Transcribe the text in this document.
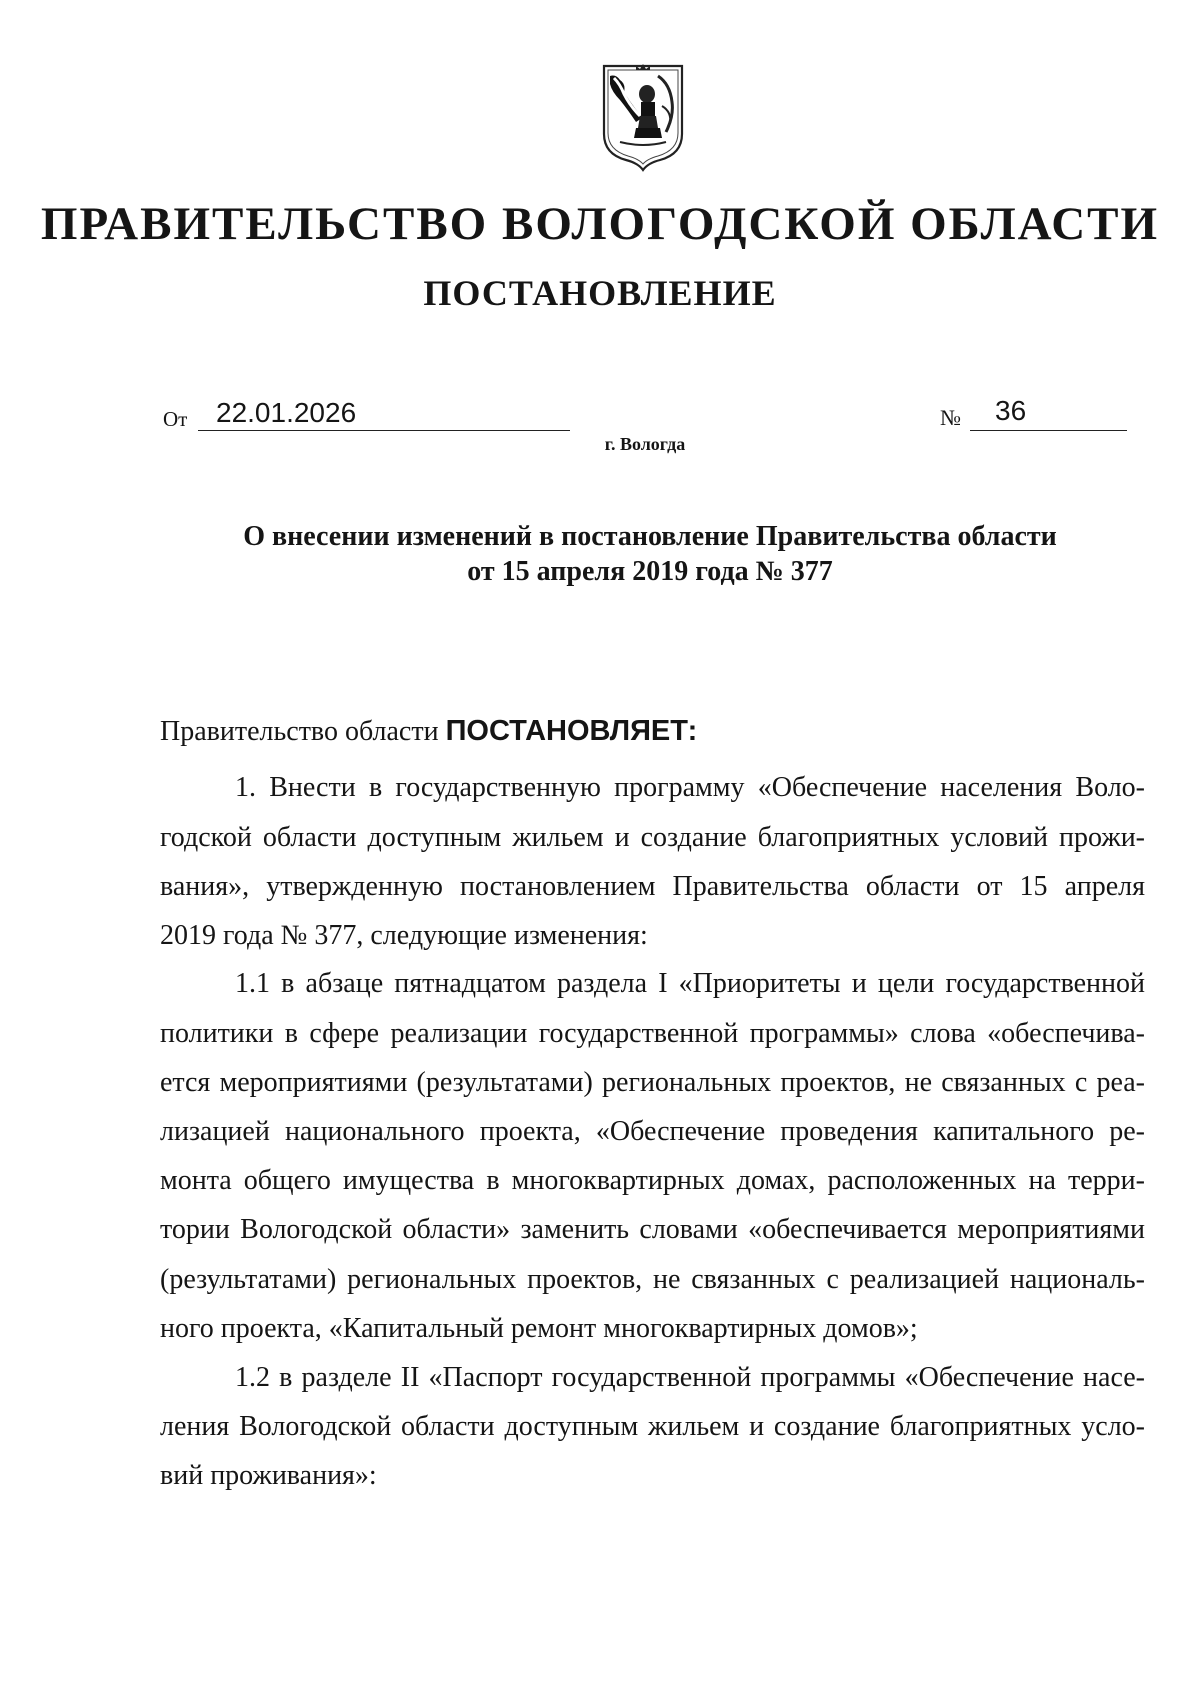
ПРАВИТЕЛЬСТВО ВОЛОГОДСКОЙ ОБЛАСТИ
ПОСТАНОВЛЕНИЕ
От 22.01.2026	№ 36
г. Вологда
О внесении изменений в постановление Правительства области
от 15 апреля 2019 года № 377
Правительство области ПОСТАНОВЛЯЕТ:
1. Внести в государственную программу «Обеспечение населения Воло-
годской области доступным жильем и создание благоприятных условий прожи-
вания», утвержденную постановлением Правительства области от 15 апреля
2019 года № 377, следующие изменения:
1.1 в абзаце пятнадцатом раздела I «Приоритеты и цели государственной
политики в сфере реализации государственной программы» слова «обеспечива-
ется мероприятиями (результатами) региональных проектов, не связанных с реа-
лизацией национального проекта, «Обеспечение проведения капитального ре-
монта общего имущества в многоквартирных домах, расположенных на терри-
тории Вологодской области» заменить словами «обеспечивается мероприятиями
(результатами) региональных проектов, не связанных с реализацией националь-
ного проекта, «Капитальный ремонт многоквартирных домов»;
1.2 в разделе II «Паспорт государственной программы «Обеспечение насе-
ления Вологодской области доступным жильем и создание благоприятных усло-
вий проживания»:
